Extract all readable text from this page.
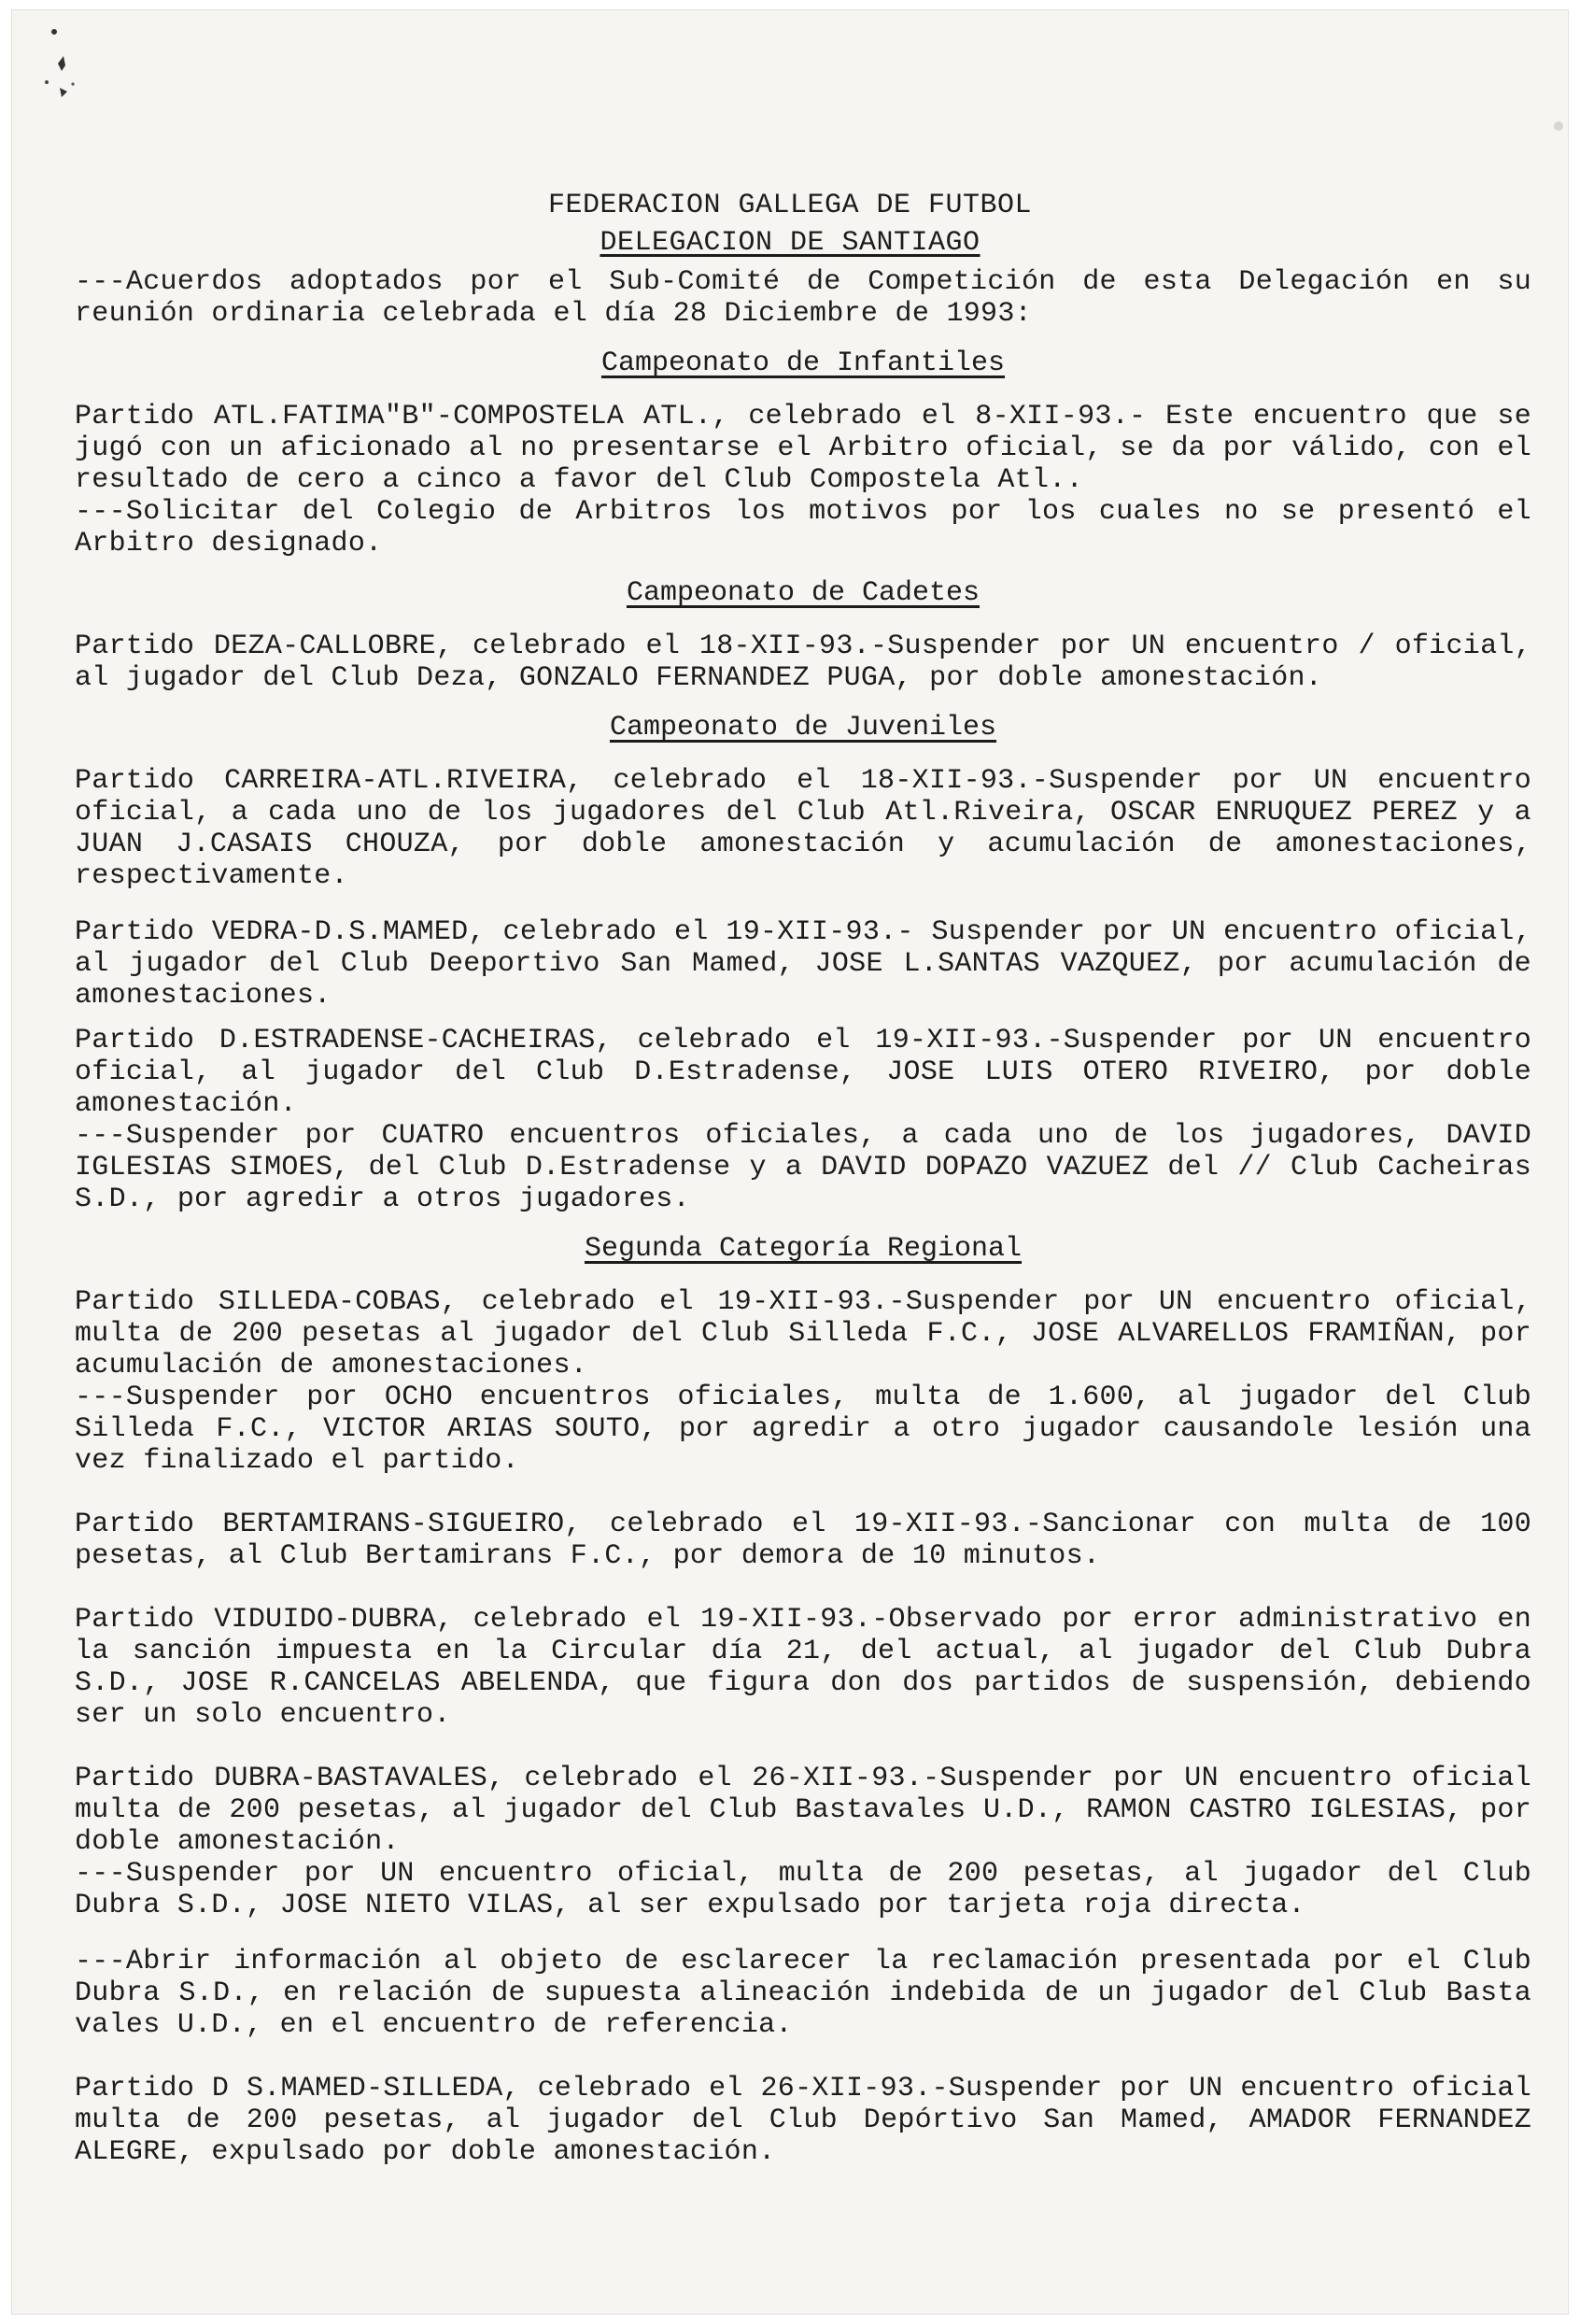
FEDERACION GALLEGA DE FUTBOL
DELEGACION DE SANTIAGO

---Acuerdos adoptados por el Sub-Comité de Competición de esta Delegación en su reunión ordinaria celebrada el día 28 Diciembre de 1993:

Campeonato de Infantiles

Partido ATL.FATIMA"B"-COMPOSTELA ATL., celebrado el 8-XII-93.- Este encuentro que se jugó con un aficionado al no presentarse el Arbitro oficial, se da por válido, con el resultado de cero a cinco a favor del Club Compostela Atl..

---Solicitar del Colegio de Arbitros los motivos por los cuales no se presentó el Arbitro designado.

Campeonato de Cadetes

Partido DEZA-CALLOBRE, celebrado el 18-XII-93.-Suspender por UN encuentro / oficial, al jugador del Club Deza, GONZALO FERNANDEZ PUGA, por doble amonestación.

Campeonato de Juveniles

Partido CARREIRA-ATL.RIVEIRA, celebrado el 18-XII-93.-Suspender por UN encuentro oficial, a cada uno de los jugadores del Club Atl.Riveira, OSCAR ENRUQUEZ PEREZ y a JUAN J.CASAIS CHOUZA, por doble amonestación y acumulación de amonestaciones, respectivamente.

Partido VEDRA-D.S.MAMED, celebrado el 19-XII-93.- Suspender por UN encuentro oficial, al jugador del Club Deeportivo San Mamed, JOSE L.SANTAS VAZQUEZ, por acumulación de amonestaciones.

Partido D.ESTRADENSE-CACHEIRAS, celebrado el 19-XII-93.-Suspender por UN encuentro oficial, al jugador del Club D.Estradense, JOSE LUIS OTERO RIVEIRO, por doble amonestación.

---Suspender por CUATRO encuentros oficiales, a cada uno de los jugadores, DAVID IGLESIAS SIMOES, del Club D.Estradense y a DAVID DOPAZO VAZUEZ del // Club Cacheiras S.D., por agredir a otros jugadores.

Segunda Categoría Regional

Partido SILLEDA-COBAS, celebrado el 19-XII-93.-Suspender por UN encuentro oficial, multa de 200 pesetas al jugador del Club Silleda F.C., JOSE ALVARELLOS FRAMIÑAN, por acumulación de amonestaciones.

---Suspender por OCHO encuentros oficiales, multa de 1.600, al jugador del Club Silleda F.C., VICTOR ARIAS SOUTO, por agredir a otro jugador causandole lesión una vez finalizado el partido.

Partido BERTAMIRANS-SIGUEIRO, celebrado el 19-XII-93.-Sancionar con multa de 100 pesetas, al Club Bertamirans F.C., por demora de 10 minutos.

Partido VIDUIDO-DUBRA, celebrado el 19-XII-93.-Observado por error administrativo en la sanción impuesta en la Circular día 21, del actual, al jugador del Club Dubra S.D., JOSE R.CANCELAS ABELENDA, que figura don dos partidos de suspensión, debiendo ser un solo encuentro.

Partido DUBRA-BASTAVALES, celebrado el 26-XII-93.-Suspender por UN encuentro oficial multa de 200 pesetas, al jugador del Club Bastavales U.D., RAMON CASTRO IGLESIAS, por doble amonestación.

---Suspender por UN encuentro oficial, multa de 200 pesetas, al jugador del Club Dubra S.D., JOSE NIETO VILAS, al ser expulsado por tarjeta roja directa.

---Abrir información al objeto de esclarecer la reclamación presentada por el Club Dubra S.D., en relación de supuesta alineación indebida de un jugador del Club Basta vales U.D., en el encuentro de referencia.

Partido D S.MAMED-SILLEDA, celebrado el 26-XII-93.-Suspender por UN encuentro oficial multa de 200 pesetas, al jugador del Club Depórtivo San Mamed, AMADOR FERNANDEZ ALEGRE, expulsado por doble amonestación.
